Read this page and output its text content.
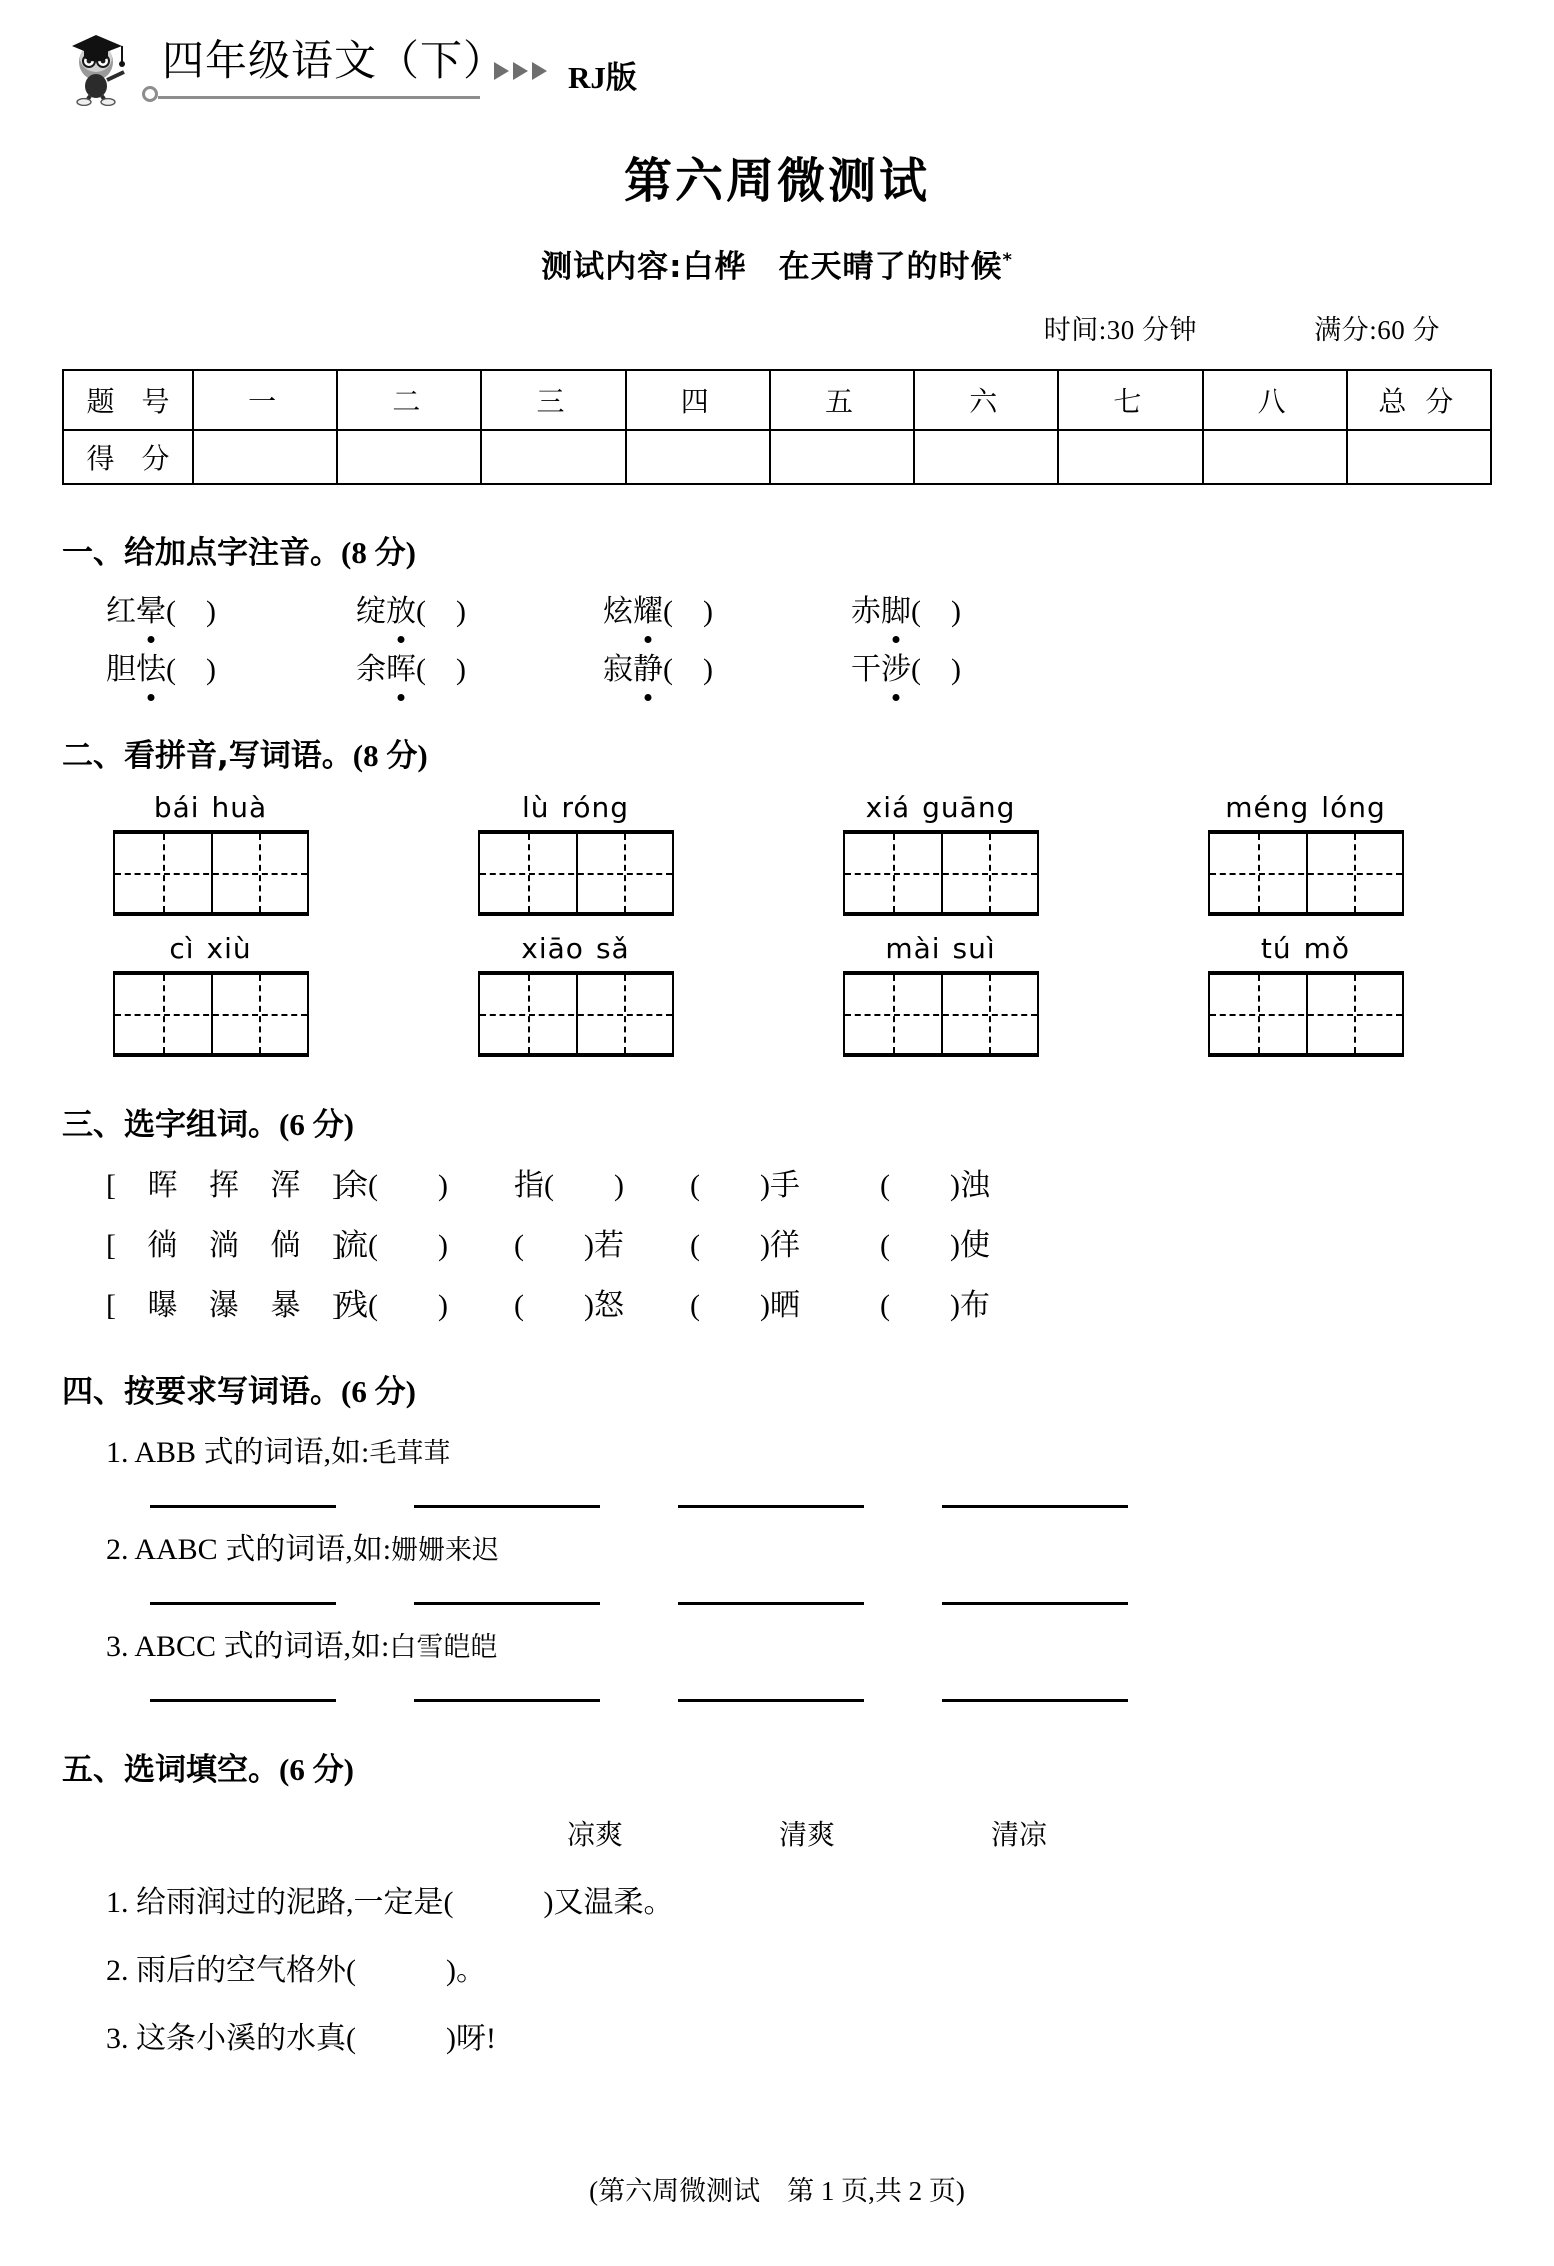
四年级语文（下） RJ版
第六周微测试
测试内容:白桦　在天晴了的时候*
时间:30 分钟	满分:60 分
题 号	一	二	三	四	五	六	七	八	总 分
得 分									
一、给加点字注音。(8 分)
红晕( )	绽放( )	炫耀( )	赤脚( )
胆怯( )	余晖( )	寂静( )	干涉( )
二、看拼音,写词语。(8 分)
bái huà	lù róng	xiá guāng	méng lóng
cì xiù	xiāo sǎ	mài suì	tú mǒ
三、选字组词。(6 分)
[ 晖 挥 浑 ]
余(　　)	指(　　)	(　　)手	(　　)浊
[ 徜 淌 倘 ]
流(　　)	(　　)若	(　　)徉	(　　)使
[ 曝 瀑 暴 ]
残(　　)	(　　)怒	(　　)晒	(　　)布
四、按要求写词语。(6 分)
1. ABB 式的词语,如:毛茸茸
2. AABC 式的词语,如:姗姗来迟
3. ABCC 式的词语,如:白雪皑皑
五、选词填空。(6 分)
凉爽	清爽	清凉
1. 给雨润过的泥路,一定是(　　　)又温柔。
2. 雨后的空气格外(　　　)。
3. 这条小溪的水真(　　　)呀!
(第六周微测试　第 1 页,共 2 页)
